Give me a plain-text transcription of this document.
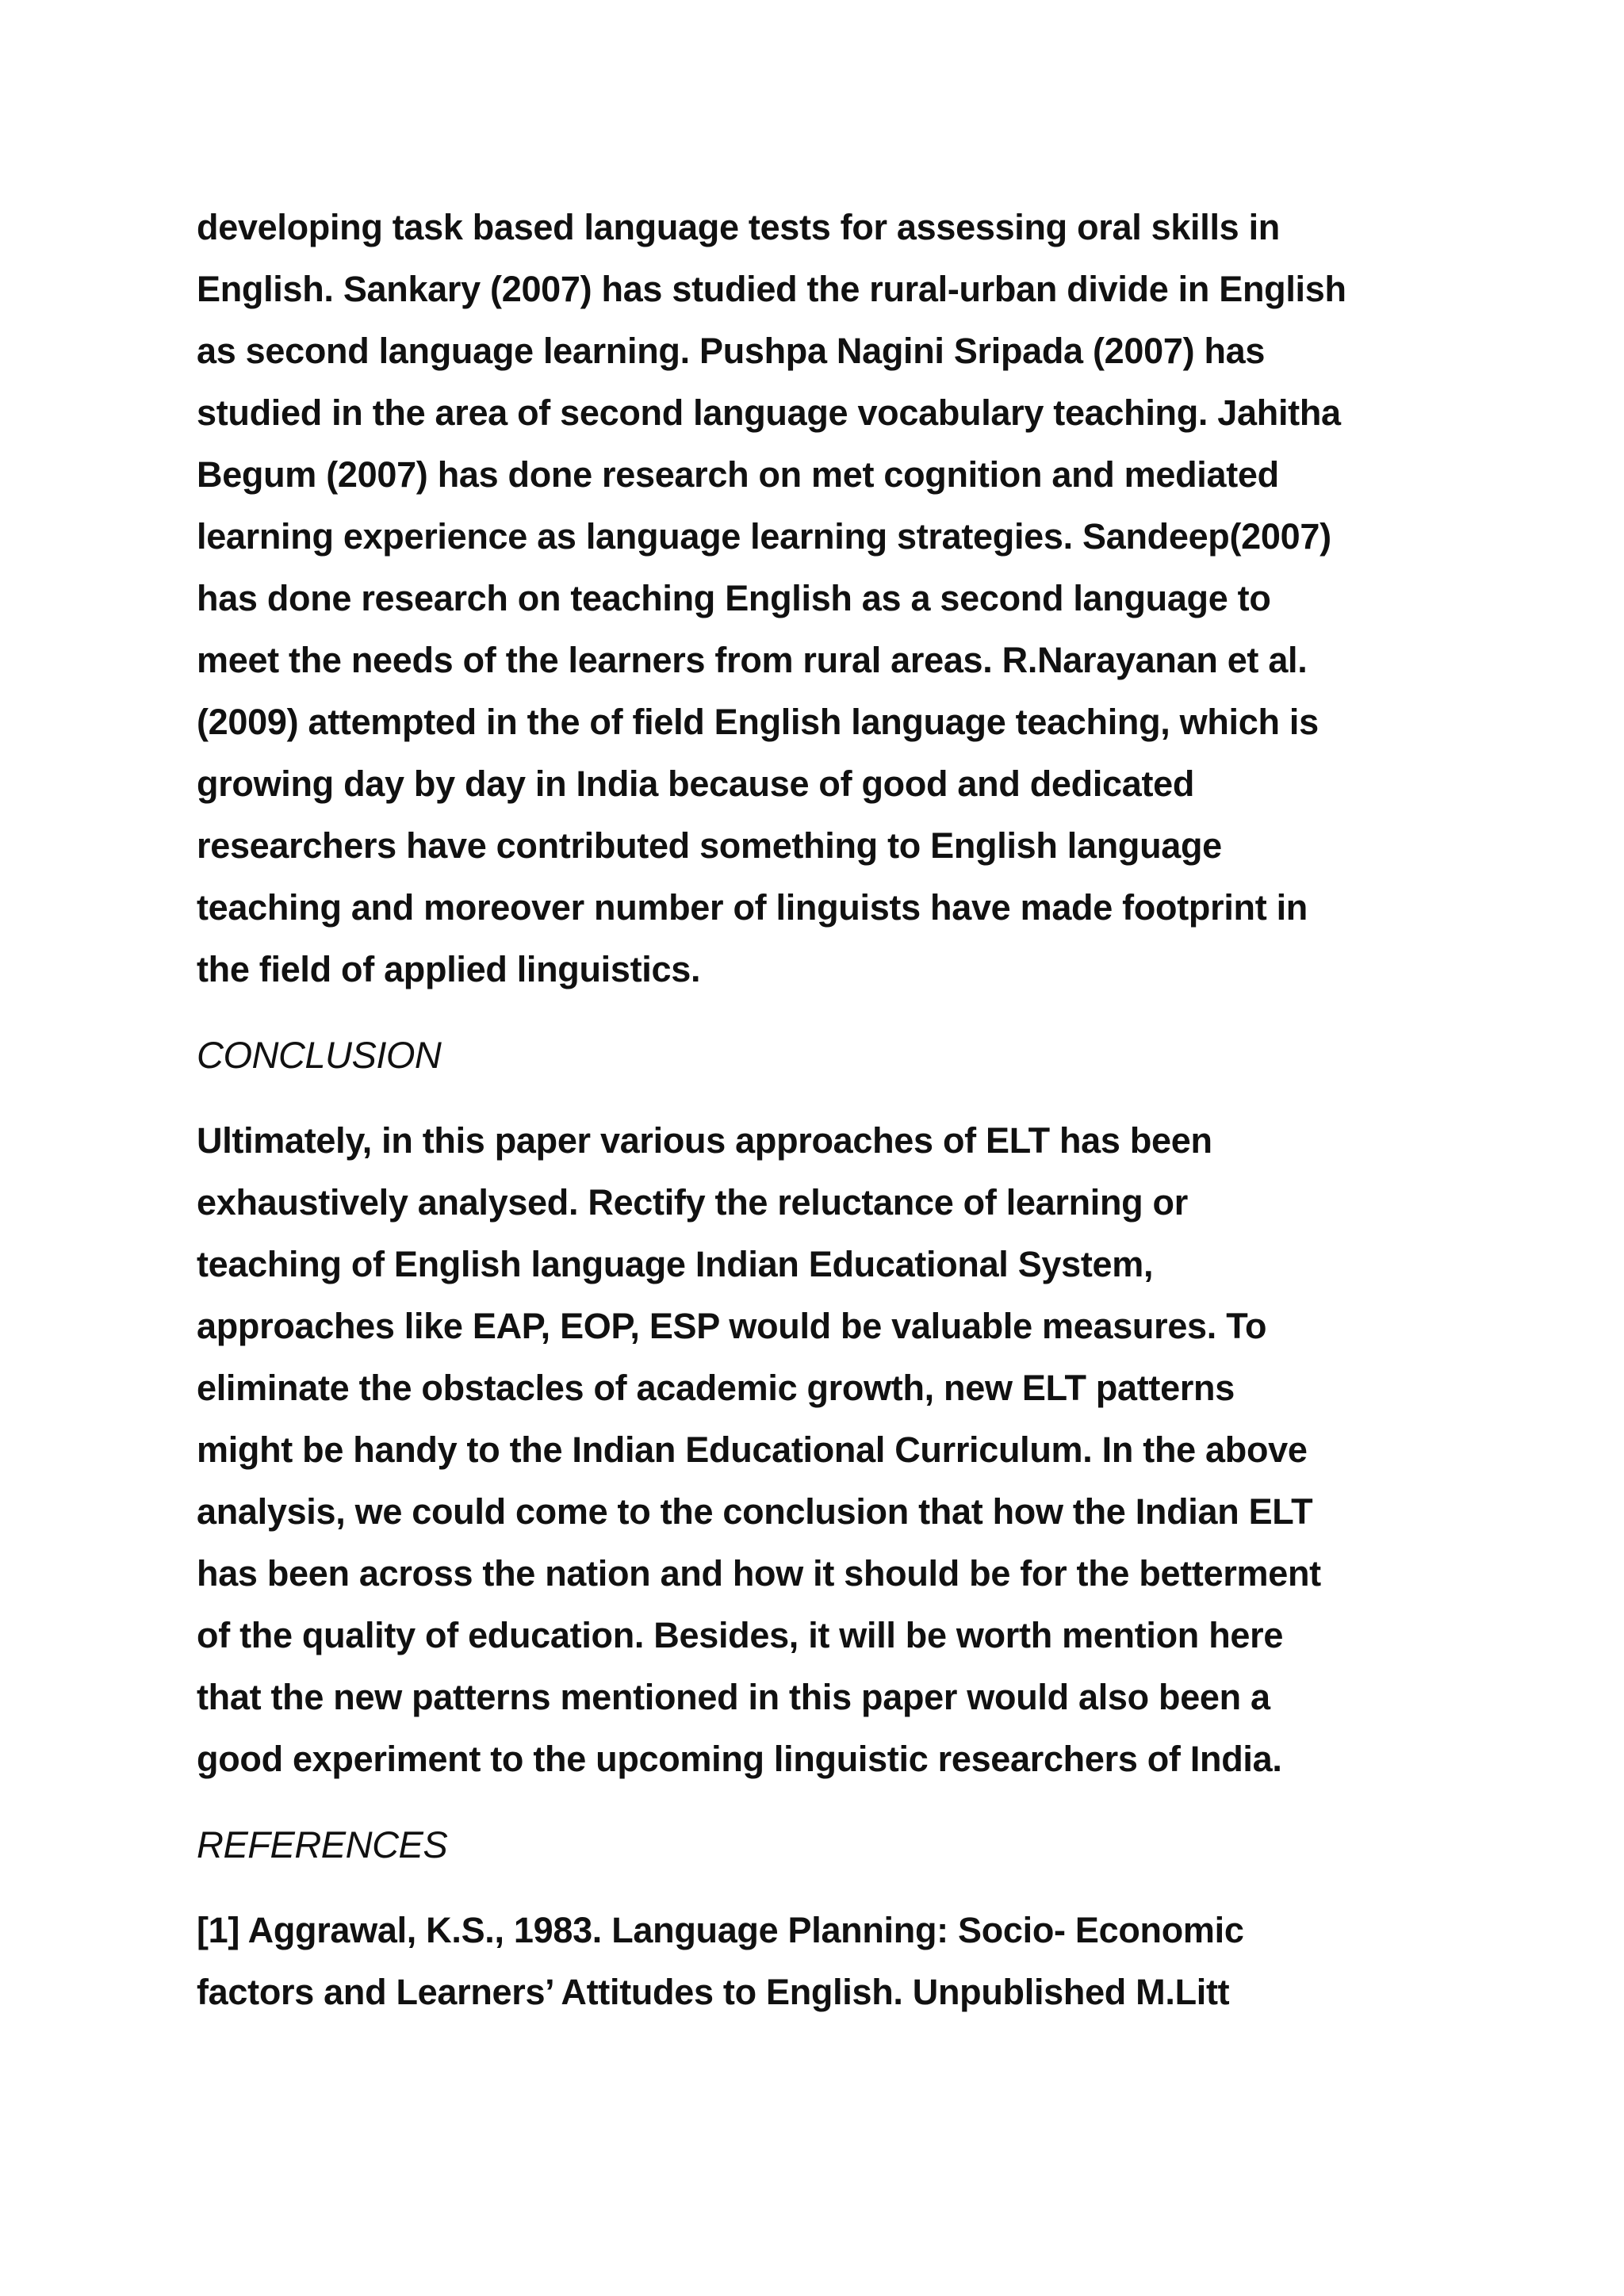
developing task based language tests for assessing oral skills in
English. Sankary (2007) has studied the rural-urban divide in English
as second language learning. Pushpa Nagini Sripada (2007) has
studied in the area of second language vocabulary teaching. Jahitha
Begum (2007) has done research on met cognition and mediated
learning experience as language learning strategies. Sandeep(2007)
has done research on teaching English as a second language to
meet the needs of the learners from rural areas. R.Narayanan et al.
(2009) attempted in the of field English language teaching, which is
growing day by day in India because of good and dedicated
researchers have contributed something to English language
teaching and moreover number of linguists have made footprint in
the field of applied linguistics.
CONCLUSION
Ultimately, in this paper various approaches of ELT has been
exhaustively analysed. Rectify the reluctance of learning or
teaching of English language Indian Educational System,
approaches like EAP, EOP, ESP would be valuable measures. To
eliminate the obstacles of academic growth, new ELT patterns
might be handy to the Indian Educational Curriculum. In the above
analysis, we could come to the conclusion that how the Indian ELT
has been across the nation and how it should be for the betterment
of the quality of education. Besides, it will be worth mention here
that the new patterns mentioned in this paper would also been a
good experiment to the upcoming linguistic researchers of India.
REFERENCES
[1] Aggrawal, K.S., 1983. Language Planning: Socio- Economic
factors and Learners’ Attitudes to English. Unpublished M.Litt
